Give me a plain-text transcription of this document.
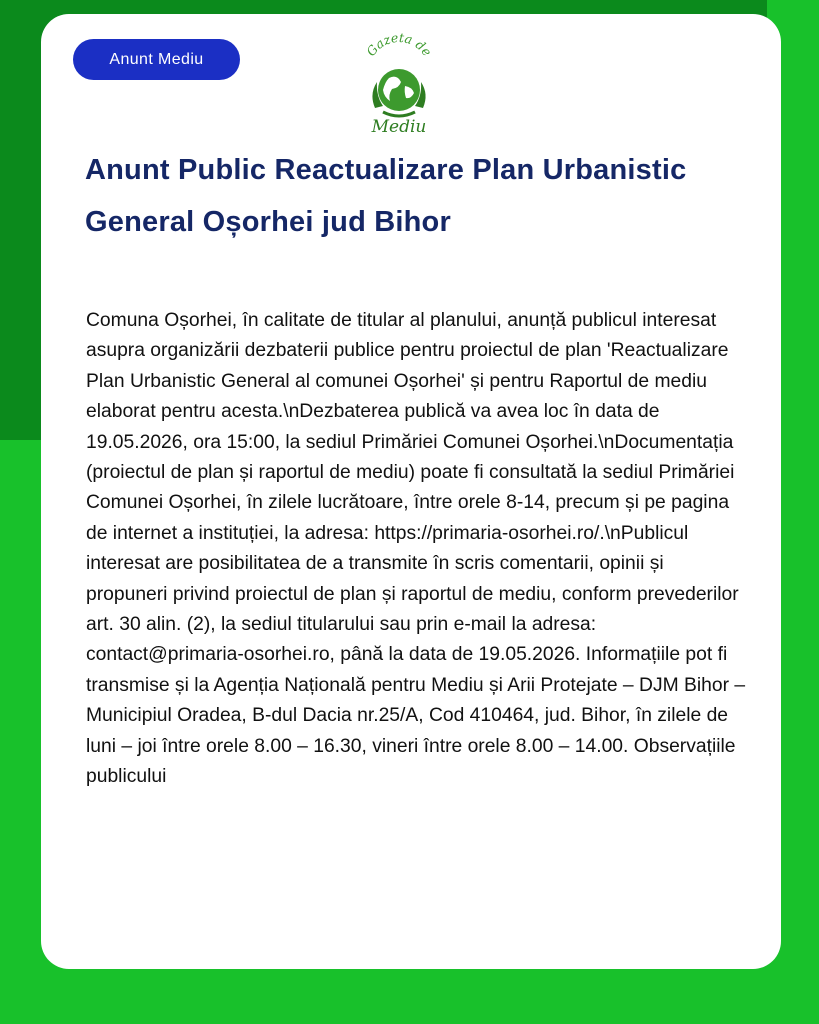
Anunt Mediu
Gazeta de
Mediu
Anunt Public Reactualizare Plan Urbanistic General Oșorhei jud Bihor

Comuna Oșorhei, în calitate de titular al planului, anunță publicul interesat asupra organizării dezbaterii publice pentru proiectul de plan 'Reactualizare Plan Urbanistic General al comunei Oșorhei' și pentru Raportul de mediu elaborat pentru acesta.\nDezbaterea publică va avea loc în data de 19.05.2026, ora 15:00, la sediul Primăriei Comunei Oșorhei.\nDocumentația (proiectul de plan și raportul de mediu) poate fi consultată la sediul Primăriei Comunei Oșorhei, în zilele lucrătoare, între orele 8-14, precum și pe pagina de internet a instituției, la adresa: https://primaria-osorhei.ro/.\nPublicul interesat are posibilitatea de a transmite în scris comentarii, opinii și propuneri privind proiectul de plan și raportul de mediu, conform prevederilor art. 30 alin. (2), la sediul titularului sau prin e-mail la adresa: contact@primaria-osorhei.ro, până la data de 19.05.2026. Informațiile pot fi transmise și la Agenția Națională pentru Mediu și Arii Protejate – DJM Bihor – Municipiul Oradea, B-dul Dacia nr.25/A, Cod 410464, jud. Bihor, în zilele de luni – joi între orele 8.00 – 16.30, vineri între orele 8.00 – 14.00. Observațiile publicului
